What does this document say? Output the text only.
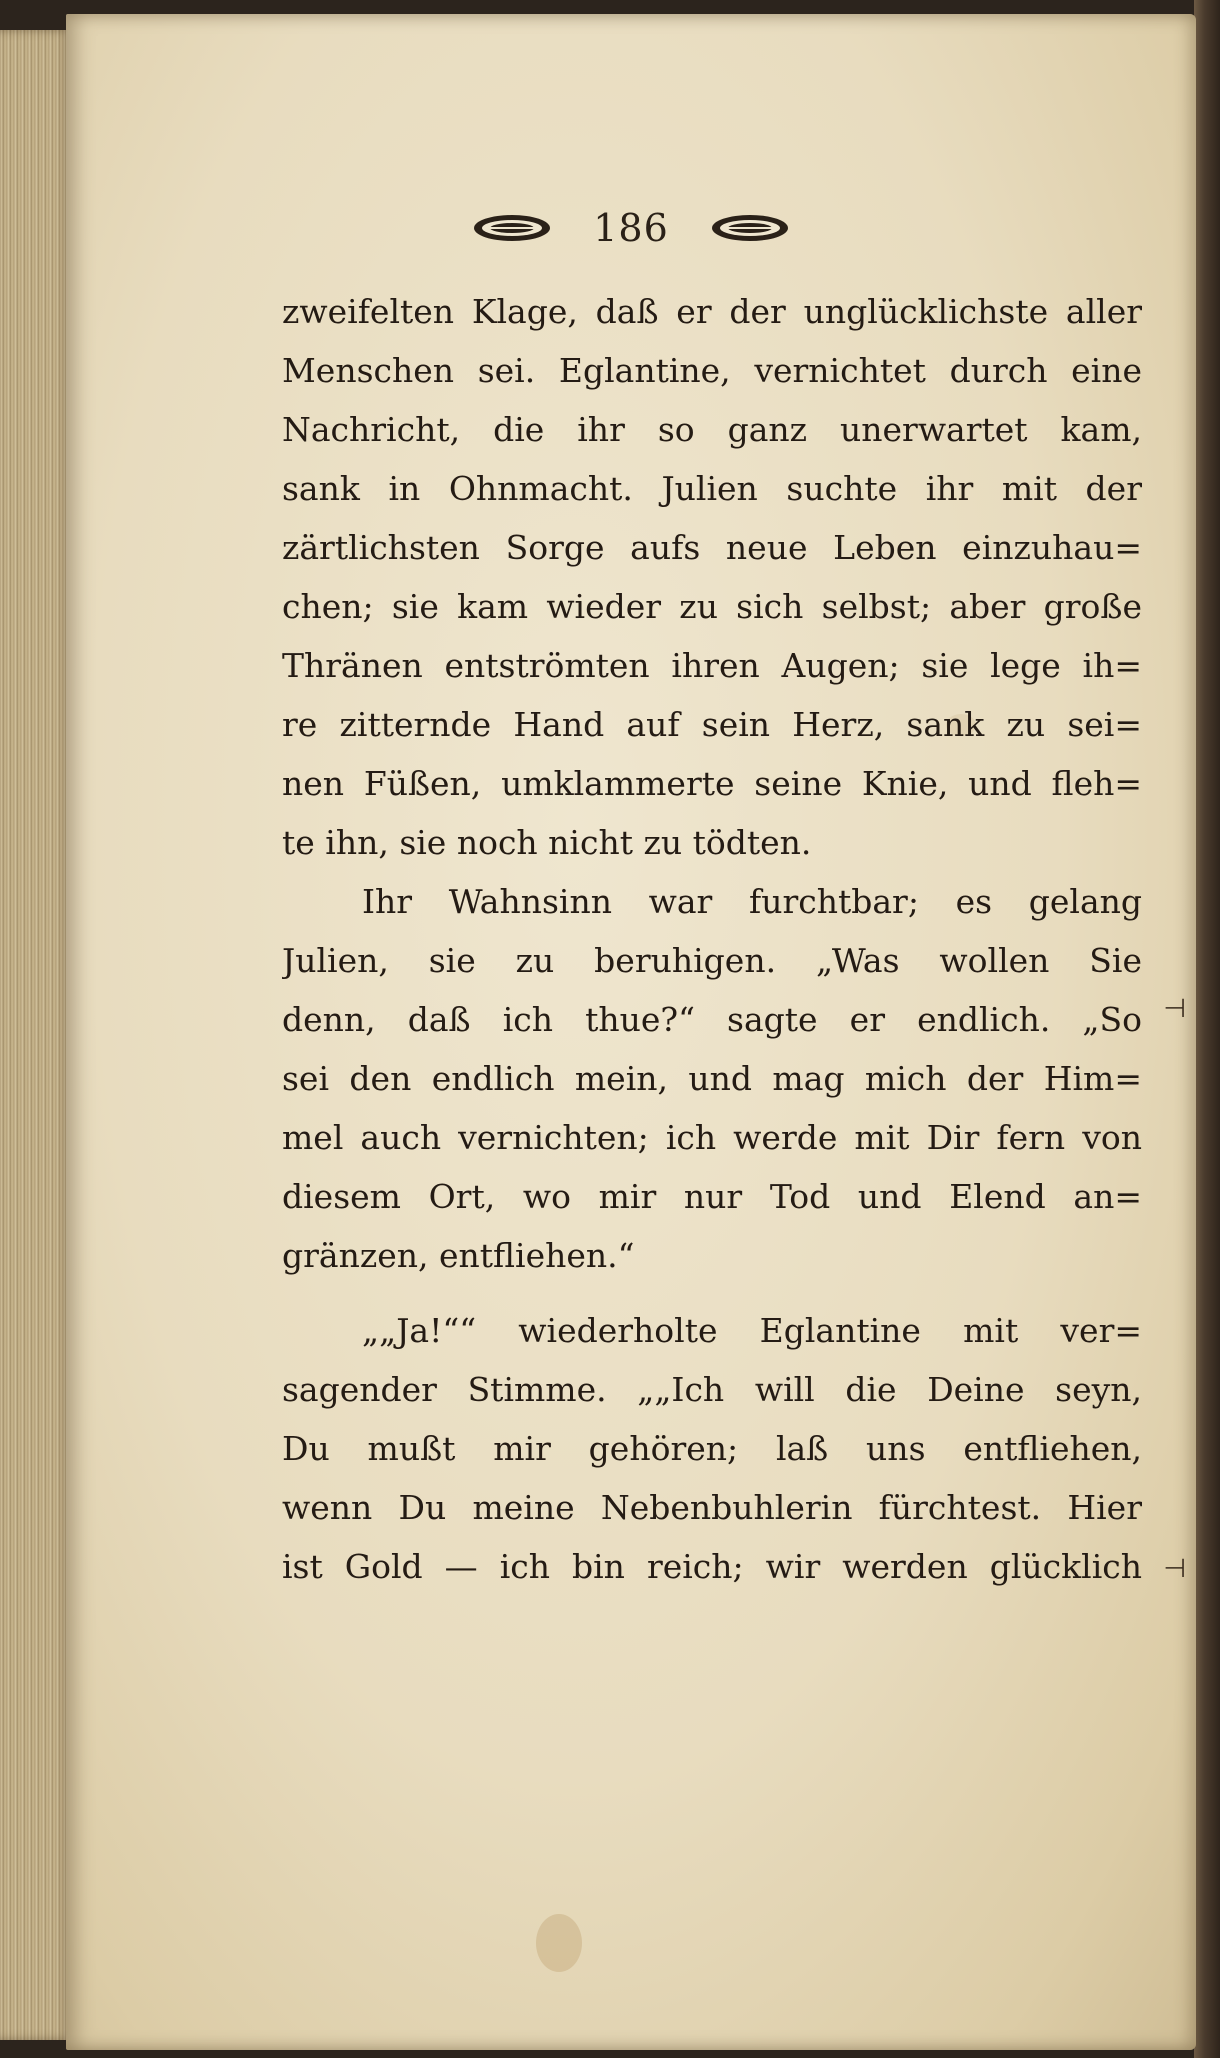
186
zweifelten Klage, daß er der unglücklichste aller
Menschen sei. Eglantine, vernichtet durch eine
Nachricht, die ihr so ganz unerwartet kam,
sank in Ohnmacht. Julien suchte ihr mit der
zärtlichsten Sorge aufs neue Leben einzuhau=
chen; sie kam wieder zu sich selbst; aber große
Thränen entströmten ihren Augen; sie lege ih=
re zitternde Hand auf sein Herz, sank zu sei=
nen Füßen, umklammerte seine Knie, und fleh=
te ihn, sie noch nicht zu tödten.
Ihr Wahnsinn war furchtbar; es gelang
Julien, sie zu beruhigen. „Was wollen Sie
denn, daß ich thue?“ sagte er endlich. „So
sei den endlich mein, und mag mich der Him=
mel auch vernichten; ich werde mit Dir fern von
diesem Ort, wo mir nur Tod und Elend an=
gränzen, entfliehen.“
„„Ja!““ wiederholte Eglantine mit ver=
sagender Stimme. „„Ich will die Deine seyn,
Du mußt mir gehören; laß uns entfliehen,
wenn Du meine Nebenbuhlerin fürchtest. Hier
ist Gold — ich bin reich; wir werden glücklich
⊣
⊣
